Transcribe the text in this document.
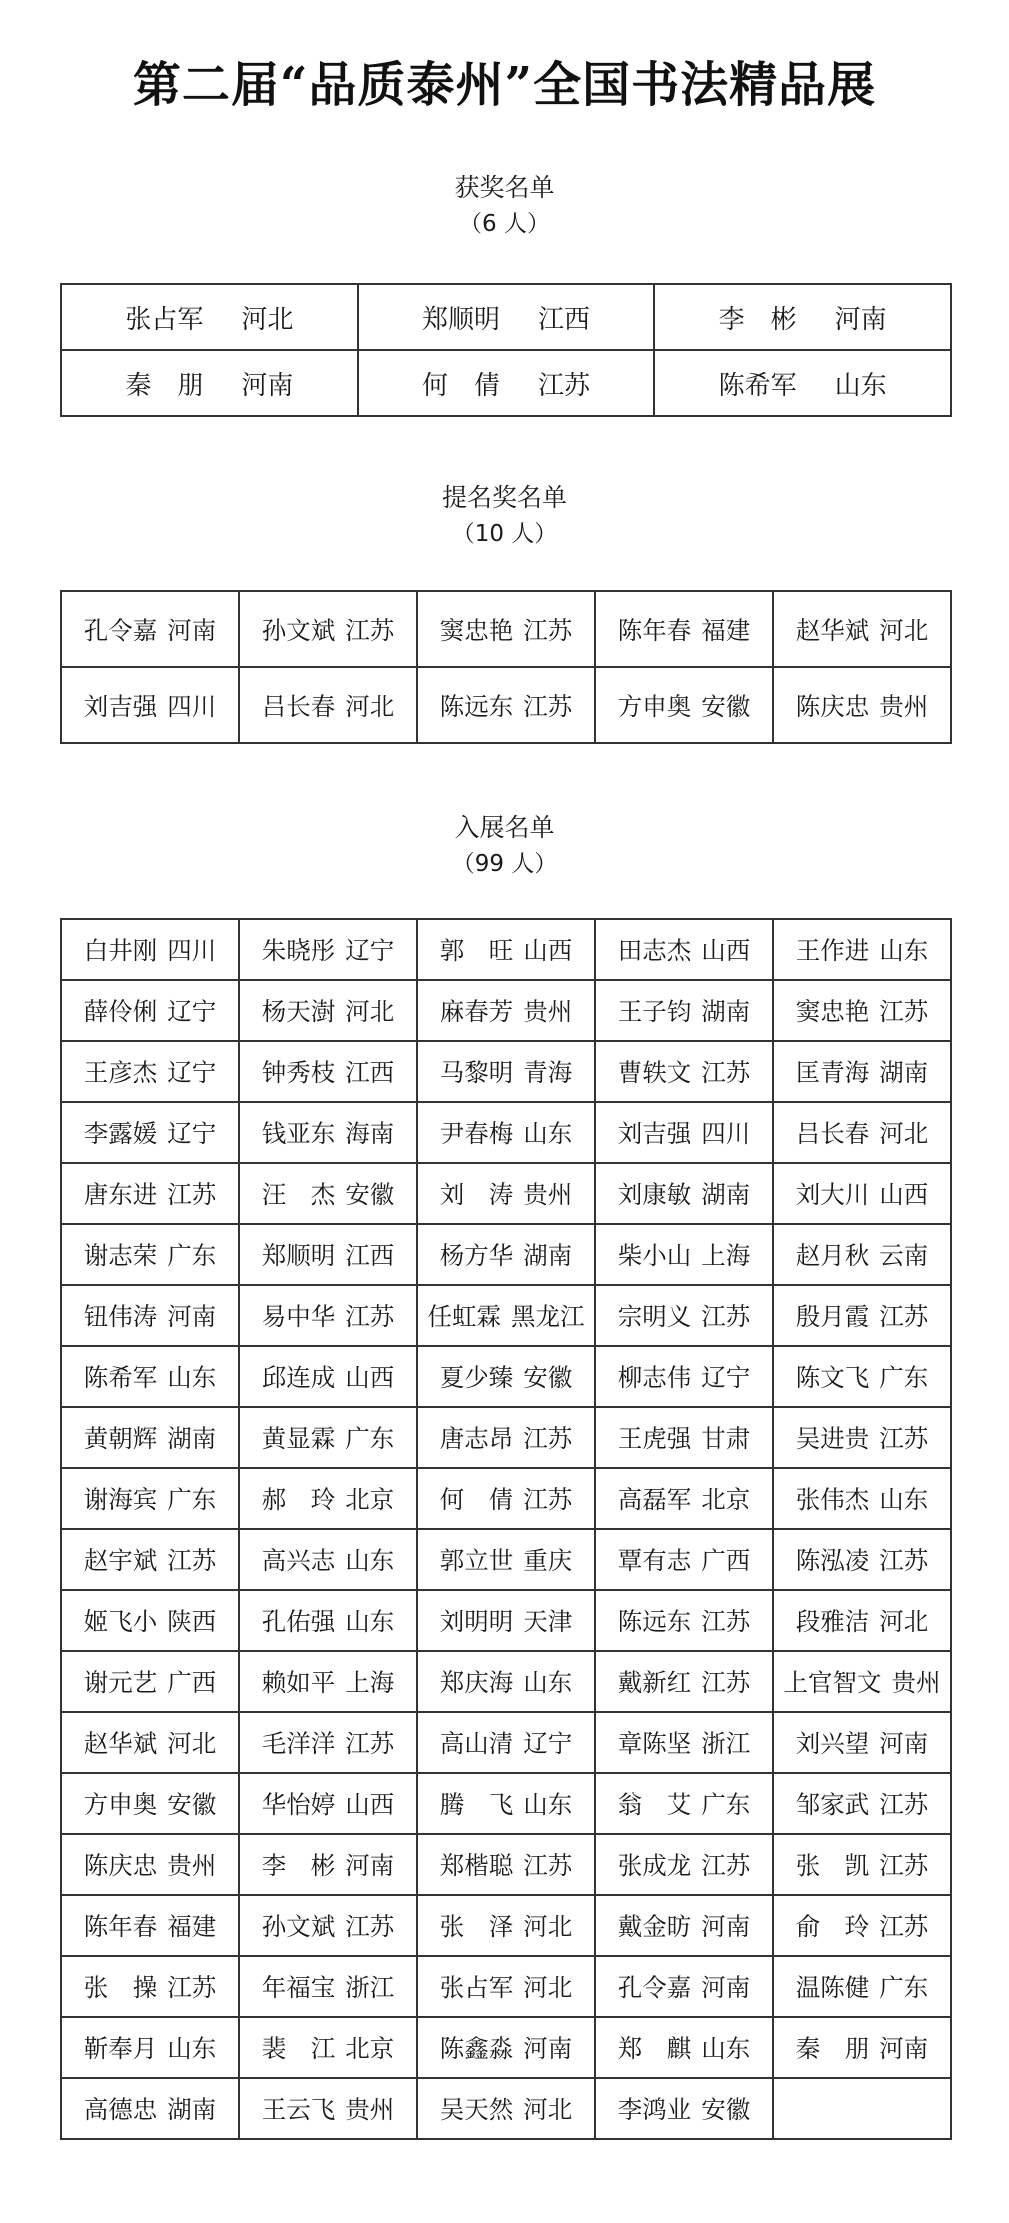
第二届“品质泰州”全国书法精品展
获奖名单
（6 人）
张占军 河北	郑顺明 江西	李　彬 河南
秦　朋 河南	何　倩 江苏	陈希军 山东
提名奖名单
（10 人）
孔令嘉 河南	孙文斌 江苏	窦忠艳 江苏	陈年春 福建	赵华斌 河北
刘吉强 四川	吕长春 河北	陈远东 江苏	方申奥 安徽	陈庆忠 贵州
入展名单
（99 人）
白井刚 四川	朱晓彤 辽宁	郭　旺 山西	田志杰 山西	王作进 山东
薛伶俐 辽宁	杨天澍 河北	麻春芳 贵州	王子钧 湖南	窦忠艳 江苏
王彦杰 辽宁	钟秀枝 江西	马黎明 青海	曹轶文 江苏	匡青海 湖南
李露媛 辽宁	钱亚东 海南	尹春梅 山东	刘吉强 四川	吕长春 河北
唐东进 江苏	汪　杰 安徽	刘　涛 贵州	刘康敏 湖南	刘大川 山西
谢志荣 广东	郑顺明 江西	杨方华 湖南	柴小山 上海	赵月秋 云南
钮伟涛 河南	易中华 江苏	任虹霖 黑龙江	宗明义 江苏	殷月霞 江苏
陈希军 山东	邱连成 山西	夏少臻 安徽	柳志伟 辽宁	陈文飞 广东
黄朝辉 湖南	黄显霖 广东	唐志昂 江苏	王虎强 甘肃	吴进贵 江苏
谢海宾 广东	郝　玲 北京	何　倩 江苏	高磊军 北京	张伟杰 山东
赵宇斌 江苏	高兴志 山东	郭立世 重庆	覃有志 广西	陈泓凌 江苏
姬飞小 陕西	孔佑强 山东	刘明明 天津	陈远东 江苏	段雅洁 河北
谢元艺 广西	赖如平 上海	郑庆海 山东	戴新红 江苏	上官智文 贵州
赵华斌 河北	毛洋洋 江苏	高山清 辽宁	章陈坚 浙江	刘兴望 河南
方申奥 安徽	华怡婷 山西	腾　飞 山东	翁　艾 广东	邹家武 江苏
陈庆忠 贵州	李　彬 河南	郑楷聪 江苏	张成龙 江苏	张　凯 江苏
陈年春 福建	孙文斌 江苏	张　泽 河北	戴金昉 河南	俞　玲 江苏
张　操 江苏	年福宝 浙江	张占军 河北	孔令嘉 河南	温陈健 广东
靳奉月 山东	裴　江 北京	陈鑫淼 河南	郑　麒 山东	秦　朋 河南
高德忠 湖南	王云飞 贵州	吴天然 河北	李鸿业 安徽	
